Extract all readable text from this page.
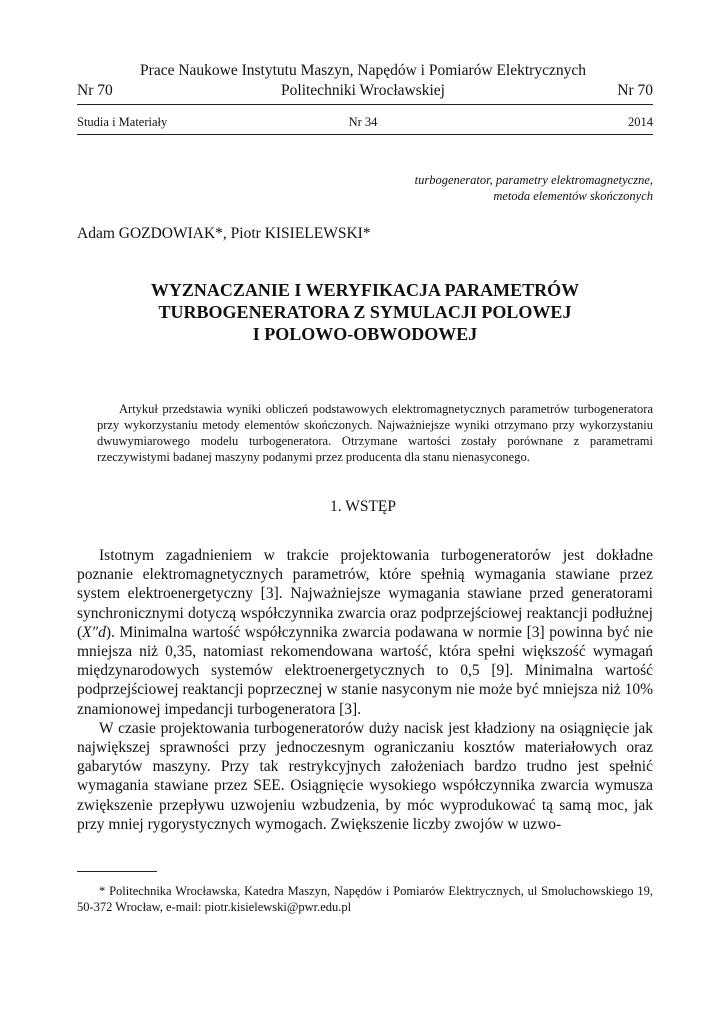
Prace Naukowe Instytutu Maszyn, Napędów i Pomiarów Elektrycznych
Politechniki Wrocławskiej
Nr 70	Nr 70
Studia i Materiały	Nr 34	2014
turbogenerator, parametry elektromagnetyczne,
metoda elementów skończonych
Adam GOZDOWIAK*, Piotr KISIELEWSKI*
WYZNACZANIE I WERYFIKACJA PARAMETRÓW
TURBOGENERATORA Z SYMULACJI POLOWEJ
I POLOWO-OBWODOWEJ
Artykuł przedstawia wyniki obliczeń podstawowych elektromagnetycznych parametrów turbogeneratora przy wykorzystaniu metody elementów skończonych. Najważniejsze wyniki otrzymano przy wykorzystaniu dwuwymiarowego modelu turbogeneratora. Otrzymane wartości zostały porównane z parametrami rzeczywistymi badanej maszyny podanymi przez producenta dla stanu nienasyconego.
1. WSTĘP

Istotnym zagadnieniem w trakcie projektowania turbogeneratorów jest dokładne poznanie elektromagnetycznych parametrów, które spełnią wymagania stawiane przez system elektroenergetyczny [3]. Najważniejsze wymagania stawiane przed generatorami synchronicznymi dotyczą współczynnika zwarcia oraz podprzejściowej reaktancji podłużnej (X″d). Minimalna wartość współczynnika zwarcia podawana w normie [3] powinna być nie mniejsza niż 0,35, natomiast rekomendowana wartość, która spełni większość wymagań międzynarodowych systemów elektroenergetycznych to 0,5 [9]. Minimalna wartość podprzejściowej reaktancji poprzecznej w stanie nasyconym nie może być mniejsza niż 10% znamionowej impedancji turbogeneratora [3].

W czasie projektowania turbogeneratorów duży nacisk jest kładziony na osiągnięcie jak największej sprawności przy jednoczesnym ograniczaniu kosztów materiałowych oraz gabarytów maszyny. Przy tak restrykcyjnych założeniach bardzo trudno jest spełnić wymagania stawiane przez SEE. Osiągnięcie wysokiego współczynnika zwarcia wymusza zwiększenie przepływu uzwojeniu wzbudzenia, by móc wyprodukować tą samą moc, jak przy mniej rygorystycznych wymogach. Zwiększenie liczby zwojów w uzwo-

* Politechnika Wrocławska, Katedra Maszyn, Napędów i Pomiarów Elektrycznych, ul Smoluchowskiego 19, 50-372 Wrocław, e-mail: piotr.kisielewski@pwr.edu.pl
